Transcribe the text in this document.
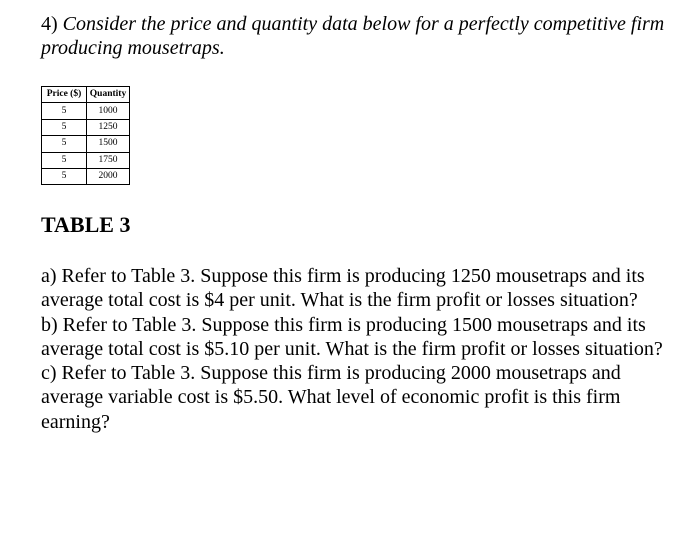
4) Consider the price and quantity data below for a perfectly competitive firm producing mousetraps.

Price ($)	Quantity
5	1000
5	1250
5	1500
5	1750
5	2000
TABLE 3

a) Refer to Table 3. Suppose this firm is producing 1250 mousetraps and its average total cost is $4 per unit. What is the firm profit or losses situation?

b) Refer to Table 3. Suppose this firm is producing 1500 mousetraps and its average total cost is $5.10 per unit. What is the firm profit or losses situation?

c) Refer to Table 3. Suppose this firm is producing 2000 mousetraps and average variable cost is $5.50. What level of economic profit is this firm earning?
